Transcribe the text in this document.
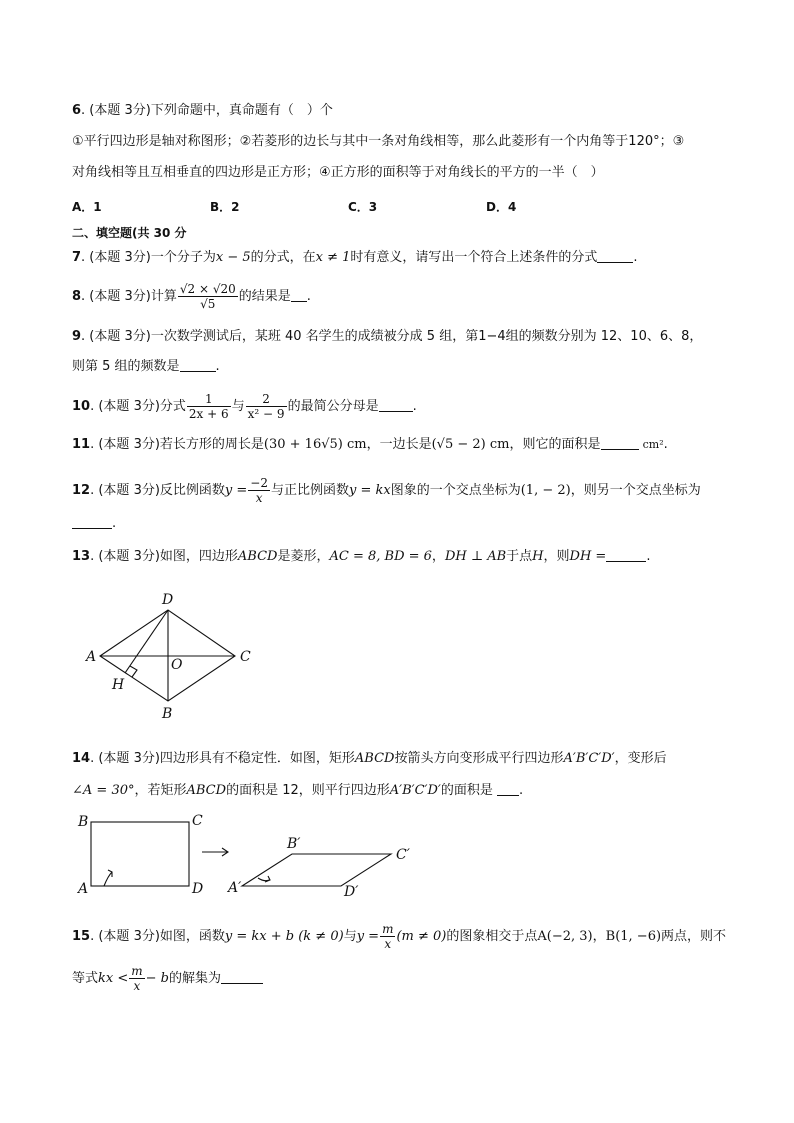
6. (本题 3分)下列命题中，真命题有（　）个
①平行四边形是轴对称图形；②若菱形的边长与其中一条对角线相等，那么此菱形有一个内角等于120°；③
对角线相等且互相垂直的四边形是正方形；④正方形的面积等于对角线长的平方的一半（　）
A．1	B．2	C．3	D．4
二、填空题(共 30 分
7. (本题 3分)一个分子为x − 5的分式，在x ≠ 1时有意义，请写出一个符合上述条件的分式	.
8. (本题 3分)计算 $\frac{√2 \times √20}{√5}$ 的结果是 .
9. (本题 3分)一次数学测试后，某班 40 名学生的成绩被分成 5 组，第1−4组的频数分别为 12、10、6、8，
则第 5 组的频数是	.
10. (本题 3分)分式 $\frac{1}{2x + 6}$ 与 $\frac{2}{\text{x² − 9}}$ 的最简公分母是	.
11. (本题 3分)若长方形的周长是(30 + 16√5) cm，一边长是(√5 − 2) cm，则它的面积是	cm².
12. (本题 3分)反比例函数$y = \frac{-2}{x}$ 与正比例函数y = kx图象的一个交点坐标为(1, − 2)，则另一个交点坐标为
.
13. (本题 3分)如图，四边形ABCD是菱形，AC = 8, BD = 6，DH ⊥ AB于点H，则DH =	.
A
D
C
B
O
H
14. (本题 3分)四边形具有不稳定性．如图，矩形ABCD按箭头方向变形成平行四边形A′B′C′D′，变形后
∠A = 30°，若矩形ABCD的面积是 12，则平行四边形A′B′C′D′的面积是 .
B	C
A	D
B′
C′
A′	D′
15. (本题 3分)如图，函数y = kx + b (k ≠ 0)与$y = \frac{m}{x} (m \ne 0)$的图象相交于点A(−2, 3)，B(1, −6)两点，则不
等式kx < $\frac{m}{x} - b$的解集为
